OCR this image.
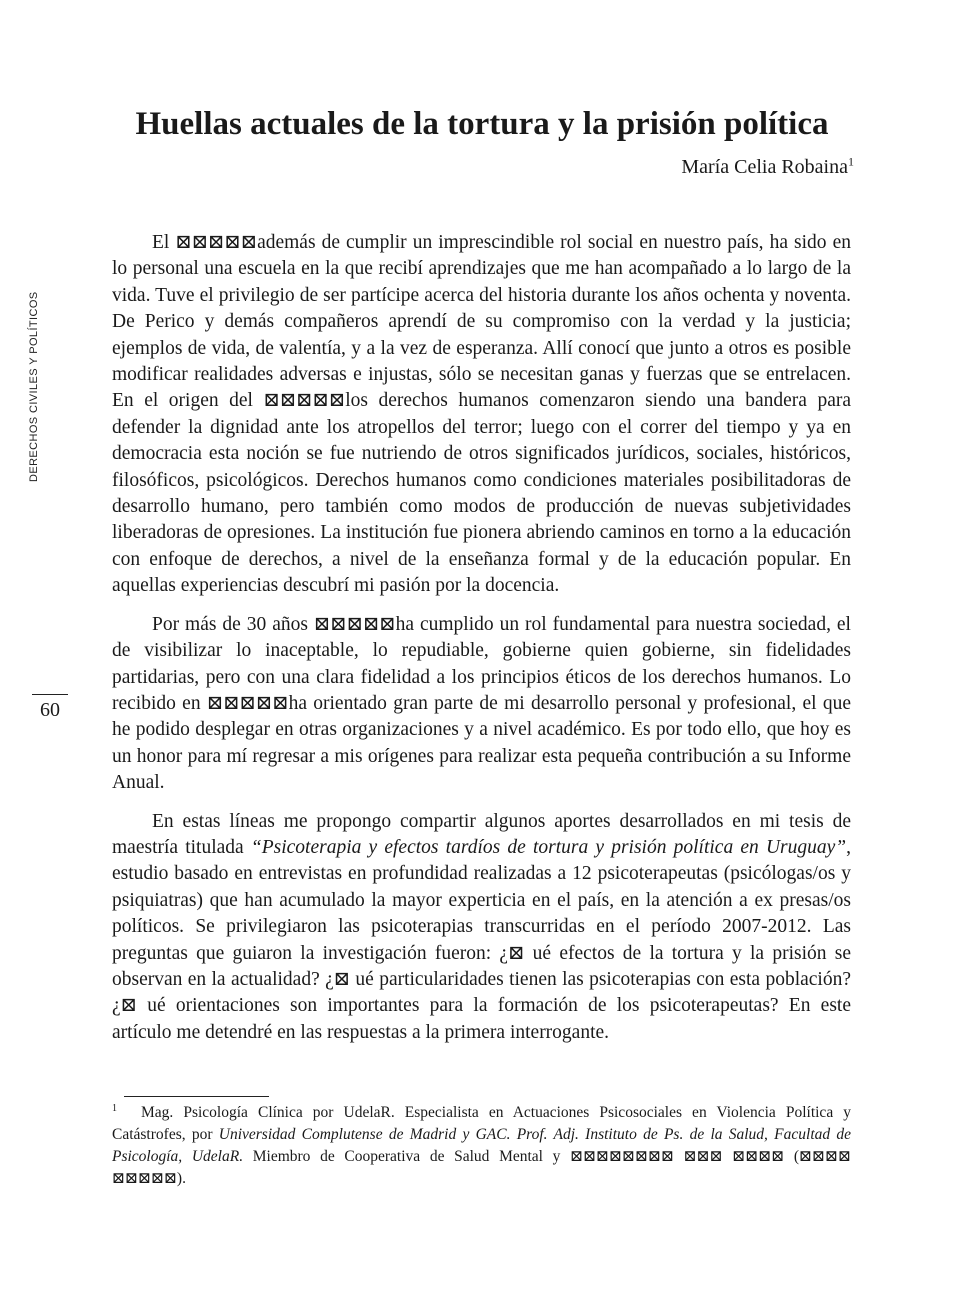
Huellas actuales de la tortura y la prisión política
María Celia Robaina$^1$
DERECHOS CIVILES Y POLÍTICOS
60

El ⊠⊠⊠⊠⊠además de cumplir un imprescindible rol social en nuestro país, ha sido en lo personal una escuela en la que recibí aprendizajes que me han acompañado a lo largo de la vida. Tuve el privilegio de ser partícipe acerca del historia durante los años ochenta y noventa. De Perico y demás compañeros aprendí de su compromiso con la verdad y la justicia; ejemplos de vida, de valentía, y a la vez de esperanza. Allí conocí que junto a otros es posible modificar realidades adversas e injustas, sólo se necesitan ganas y fuerzas que se entrelacen. En el origen del ⊠⊠⊠⊠⊠los derechos humanos comenzaron siendo una bandera para defender la dignidad ante los atropellos del terror; luego con el correr del tiempo y ya en democracia esta noción se fue nutriendo de otros significados jurídicos, sociales, históricos, filosóficos, psicológicos. Derechos humanos como condiciones materiales posibilitadoras de desarrollo humano, pero también como modos de producción de nuevas subjetividades liberadoras de opresiones. La institución fue pionera abriendo caminos en torno a la educación con enfoque de derechos, a nivel de la enseñanza formal y de la educación popular. En aquellas experiencias descubrí mi pasión por la docencia.

Por más de 30 años ⊠⊠⊠⊠⊠ha cumplido un rol fundamental para nuestra sociedad, el de visibilizar lo inaceptable, lo repudiable, gobierne quien gobierne, sin fidelidades partidarias, pero con una clara fidelidad a los principios éticos de los derechos humanos. Lo recibido en ⊠⊠⊠⊠⊠ha orientado gran parte de mi desarrollo personal y profesional, el que he podido desplegar en otras organizaciones y a nivel académico. Es por todo ello, que hoy es un honor para mí regresar a mis orígenes para realizar esta pequeña contribución a su Informe Anual.

En estas líneas me propongo compartir algunos aportes desarrollados en mi tesis de maestría titulada “Psicoterapia y efectos tardíos de tortura y prisión política en Uruguay”, estudio basado en entrevistas en profundidad realizadas a 12 psicoterapeutas (psicólogas/os y psiquiatras) que han acumulado la mayor experticia en el país, en la atención a ex presas/os políticos. Se privilegiaron las psicoterapias transcurridas en el período 2007-2012. Las preguntas que guiaron la investigación fueron: ¿⊠ ué efectos de la tortura y la prisión se observan en la actualidad? ¿⊠ ué particularidades tienen las psicoterapias con esta población? ¿⊠ ué orientaciones son importantes para la formación de los psicoterapeutas? En este artículo me detendré en las respuestas a la primera interrogante.

$^1$ Mag. Psicología Clínica por UdelaR. Especialista en Actuaciones Psicosociales en Violencia Política y Catástrofes, por Universidad Complutense de Madrid y GAC. Prof. Adj. Instituto de Ps. de la Salud, Facultad de Psicología, UdelaR. Miembro de Cooperativa de Salud Mental y ⊠⊠⊠⊠⊠⊠⊠⊠ ⊠⊠⊠ ⊠⊠⊠⊠ (⊠⊠⊠⊠ ⊠⊠⊠⊠⊠).
